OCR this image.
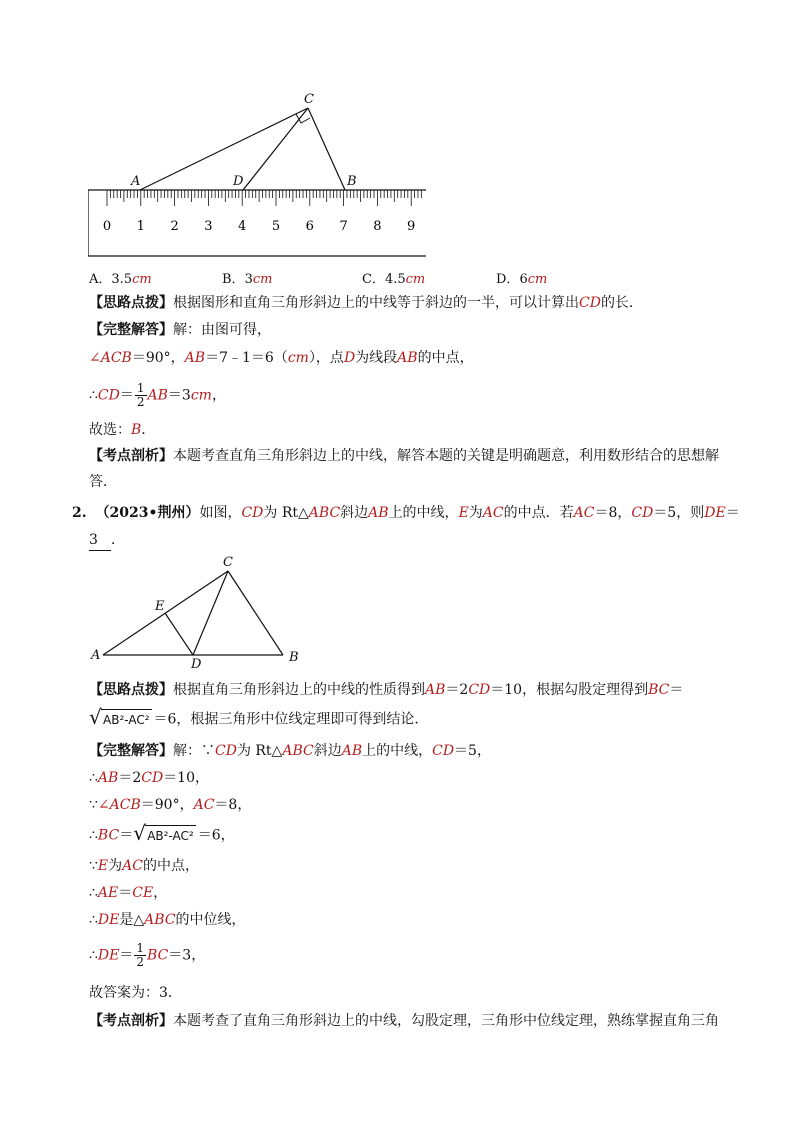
0 1 2 3 4 5 6 7 8 9
C
A	D	B
A．3.5cm	B．3cm	C．4.5cm	D．6cm
【思路点拨】根据图形和直角三角形斜边上的中线等于斜边的一半，可以计算出CD的长．
【完整解答】解：由图可得，
∠ACB＝90°，AB＝7﹣1＝6（cm），点D为线段AB的中点，
∴CD＝ $\frac{1}{2} AB=3cm$，
故选：B.
【考点剖析】本题考查直角三角形斜边上的中线，解答本题的关键是明确题意，利用数形结合的思想解
答．
2. （2023•荆州）如图，CD为 Rt△ABC斜边AB上的中线，E为AC的中点．若AC＝8，CD＝5，则DE＝
3 ．
C
E
A
D	B
【思路点拨】根据直角三角形斜边上的中线的性质得到AB＝2CD＝10，根据勾股定理得到BC＝
√ AB²-AC² ＝6，根据三角形中位线定理即可得到结论．
【完整解答】解：∵CD为 Rt△ABC斜边AB上的中线，CD＝5，
∴AB＝2CD＝10，
∵∠ACB＝90°，AC＝8，
∴BC＝ √ AB²-AC² ＝6，
∵E为AC的中点，
∴AE＝CE，
∴DE是△ABC的中位线，
∴DE＝ $\frac{1}{2} BC=3$，
故答案为：3．
【考点剖析】本题考查了直角三角形斜边上的中线，勾股定理，三角形中位线定理，熟练掌握直角三角
